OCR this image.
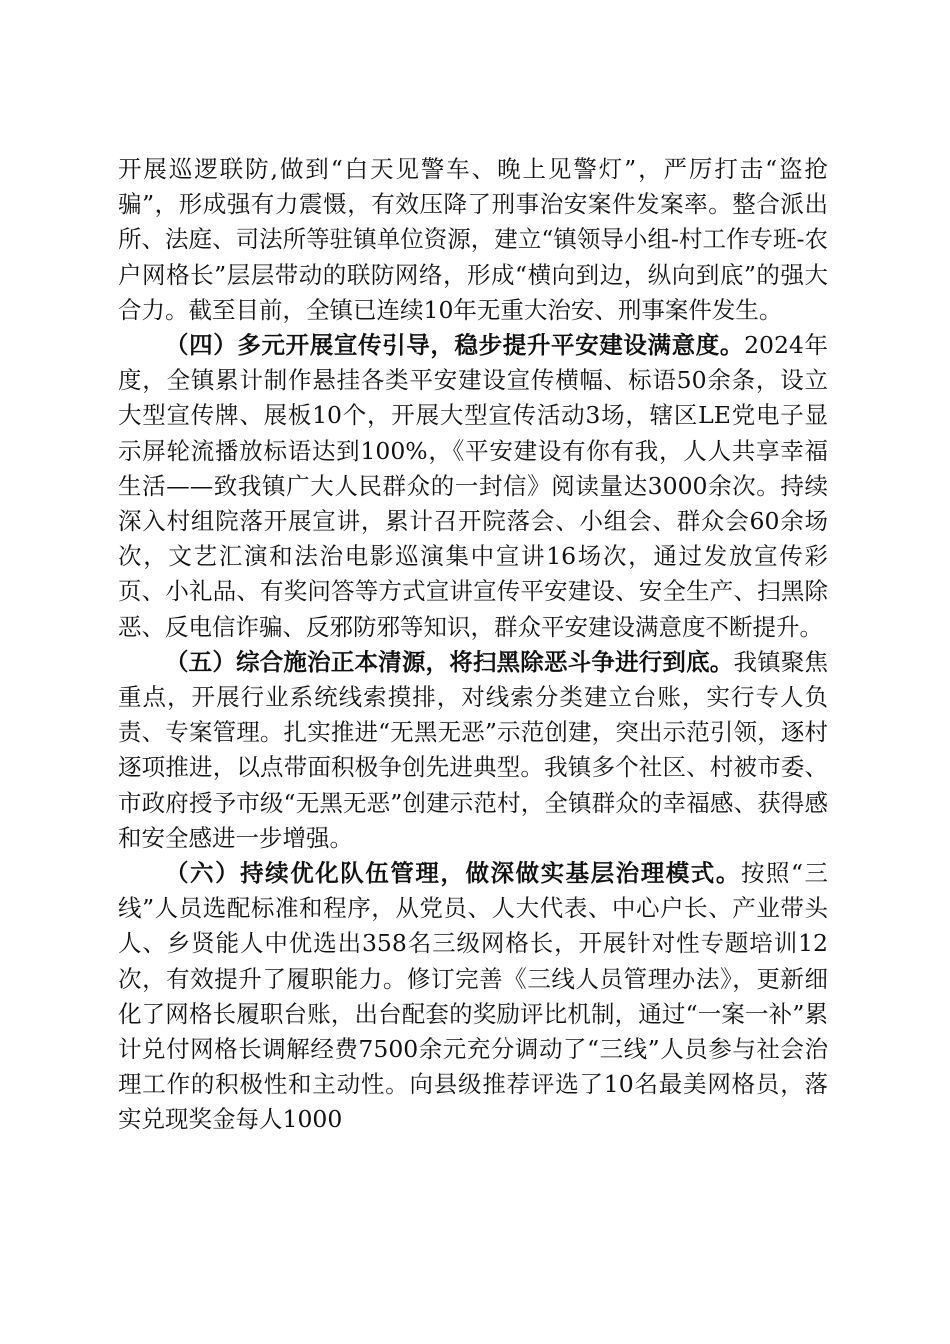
开展巡逻联防,做到“白天见警车、晚上见警灯”，严厉打击“盗抢骗”，形成强有力震慑，有效压降了刑事治安案件发案率。整合派出所、法庭、司法所等驻镇单位资源，建立“镇领导小组-村工作专班-农户网格长”层层带动的联防网络，形成“横向到边，纵向到底”的强大合力。截至目前，全镇已连续10年无重大治安、刑事案件发生。

（四）多元开展宣传引导，稳步提升平安建设满意度。2024年度，全镇累计制作悬挂各类平安建设宣传横幅、标语50余条，设立大型宣传牌、展板10个，开展大型宣传活动3场，辖区LE党电子显示屏轮流播放标语达到100%，《平安建设有你有我，人人共享幸福生活——致我镇广大人民群众的一封信》阅读量达3000余次。持续深入村组院落开展宣讲，累计召开院落会、小组会、群众会60余场次，文艺汇演和法治电影巡演集中宣讲16场次，通过发放宣传彩页、小礼品、有奖问答等方式宣讲宣传平安建设、安全生产、扫黑除恶、反电信诈骗、反邪防邪等知识，群众平安建设满意度不断提升。

（五）综合施治正本清源，将扫黑除恶斗争进行到底。我镇聚焦重点，开展行业系统线索摸排，对线索分类建立台账，实行专人负责、专案管理。扎实推进“无黑无恶”示范创建，突出示范引领，逐村逐项推进，以点带面积极争创先进典型。我镇多个社区、村被市委、市政府授予市级“无黑无恶”创建示范村，全镇群众的幸福感、获得感和安全感进一步增强。

（六）持续优化队伍管理，做深做实基层治理模式。按照“三线”人员选配标准和程序，从党员、人大代表、中心户长、产业带头人、乡贤能人中优选出358名三级网格长，开展针对性专题培训12次，有效提升了履职能力。修订完善《三线人员管理办法》，更新细化了网格长履职台账，出台配套的奖励评比机制，通过“一案一补”累计兑付网格长调解经费7500余元充分调动了“三线”人员参与社会治理工作的积极性和主动性。向县级推荐评选了10名最美网格员，落实兑现奖金每人1000
